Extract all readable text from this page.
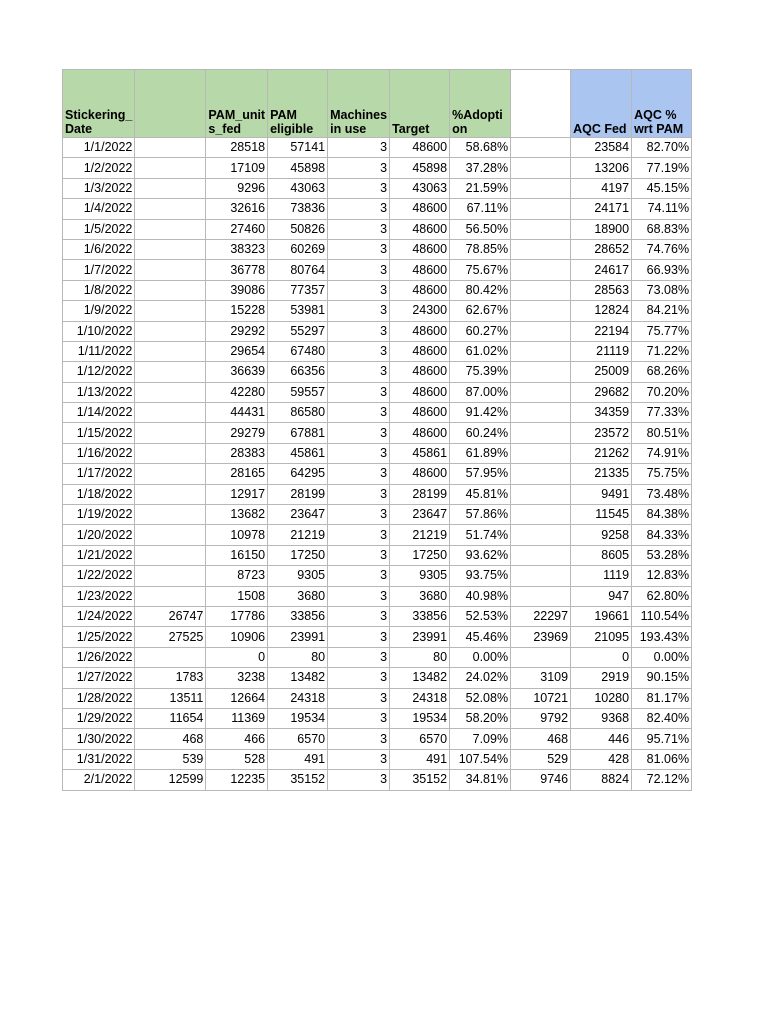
Stickering_ Date		PAM_unit s_fed	PAM eligible	Machines in use	Target	%Adopti on		AQC Fed	AQC % wrt PAM
1/1/2022		28518	57141	3	48600	58.68%		23584	82.70%
1/2/2022		17109	45898	3	45898	37.28%		13206	77.19%
1/3/2022		9296	43063	3	43063	21.59%		4197	45.15%
1/4/2022		32616	73836	3	48600	67.11%		24171	74.11%
1/5/2022		27460	50826	3	48600	56.50%		18900	68.83%
1/6/2022		38323	60269	3	48600	78.85%		28652	74.76%
1/7/2022		36778	80764	3	48600	75.67%		24617	66.93%
1/8/2022		39086	77357	3	48600	80.42%		28563	73.08%
1/9/2022		15228	53981	3	24300	62.67%		12824	84.21%
1/10/2022		29292	55297	3	48600	60.27%		22194	75.77%
1/11/2022		29654	67480	3	48600	61.02%		21119	71.22%
1/12/2022		36639	66356	3	48600	75.39%		25009	68.26%
1/13/2022		42280	59557	3	48600	87.00%		29682	70.20%
1/14/2022		44431	86580	3	48600	91.42%		34359	77.33%
1/15/2022		29279	67881	3	48600	60.24%		23572	80.51%
1/16/2022		28383	45861	3	45861	61.89%		21262	74.91%
1/17/2022		28165	64295	3	48600	57.95%		21335	75.75%
1/18/2022		12917	28199	3	28199	45.81%		9491	73.48%
1/19/2022		13682	23647	3	23647	57.86%		11545	84.38%
1/20/2022		10978	21219	3	21219	51.74%		9258	84.33%
1/21/2022		16150	17250	3	17250	93.62%		8605	53.28%
1/22/2022		8723	9305	3	9305	93.75%		1119	12.83%
1/23/2022		1508	3680	3	3680	40.98%		947	62.80%
1/24/2022	26747	17786	33856	3	33856	52.53%	22297	19661	110.54%
1/25/2022	27525	10906	23991	3	23991	45.46%	23969	21095	193.43%
1/26/2022		0	80	3	80	0.00%		0	0.00%
1/27/2022	1783	3238	13482	3	13482	24.02%	3109	2919	90.15%
1/28/2022	13511	12664	24318	3	24318	52.08%	10721	10280	81.17%
1/29/2022	11654	11369	19534	3	19534	58.20%	9792	9368	82.40%
1/30/2022	468	466	6570	3	6570	7.09%	468	446	95.71%
1/31/2022	539	528	491	3	491	107.54%	529	428	81.06%
2/1/2022	12599	12235	35152	3	35152	34.81%	9746	8824	72.12%
